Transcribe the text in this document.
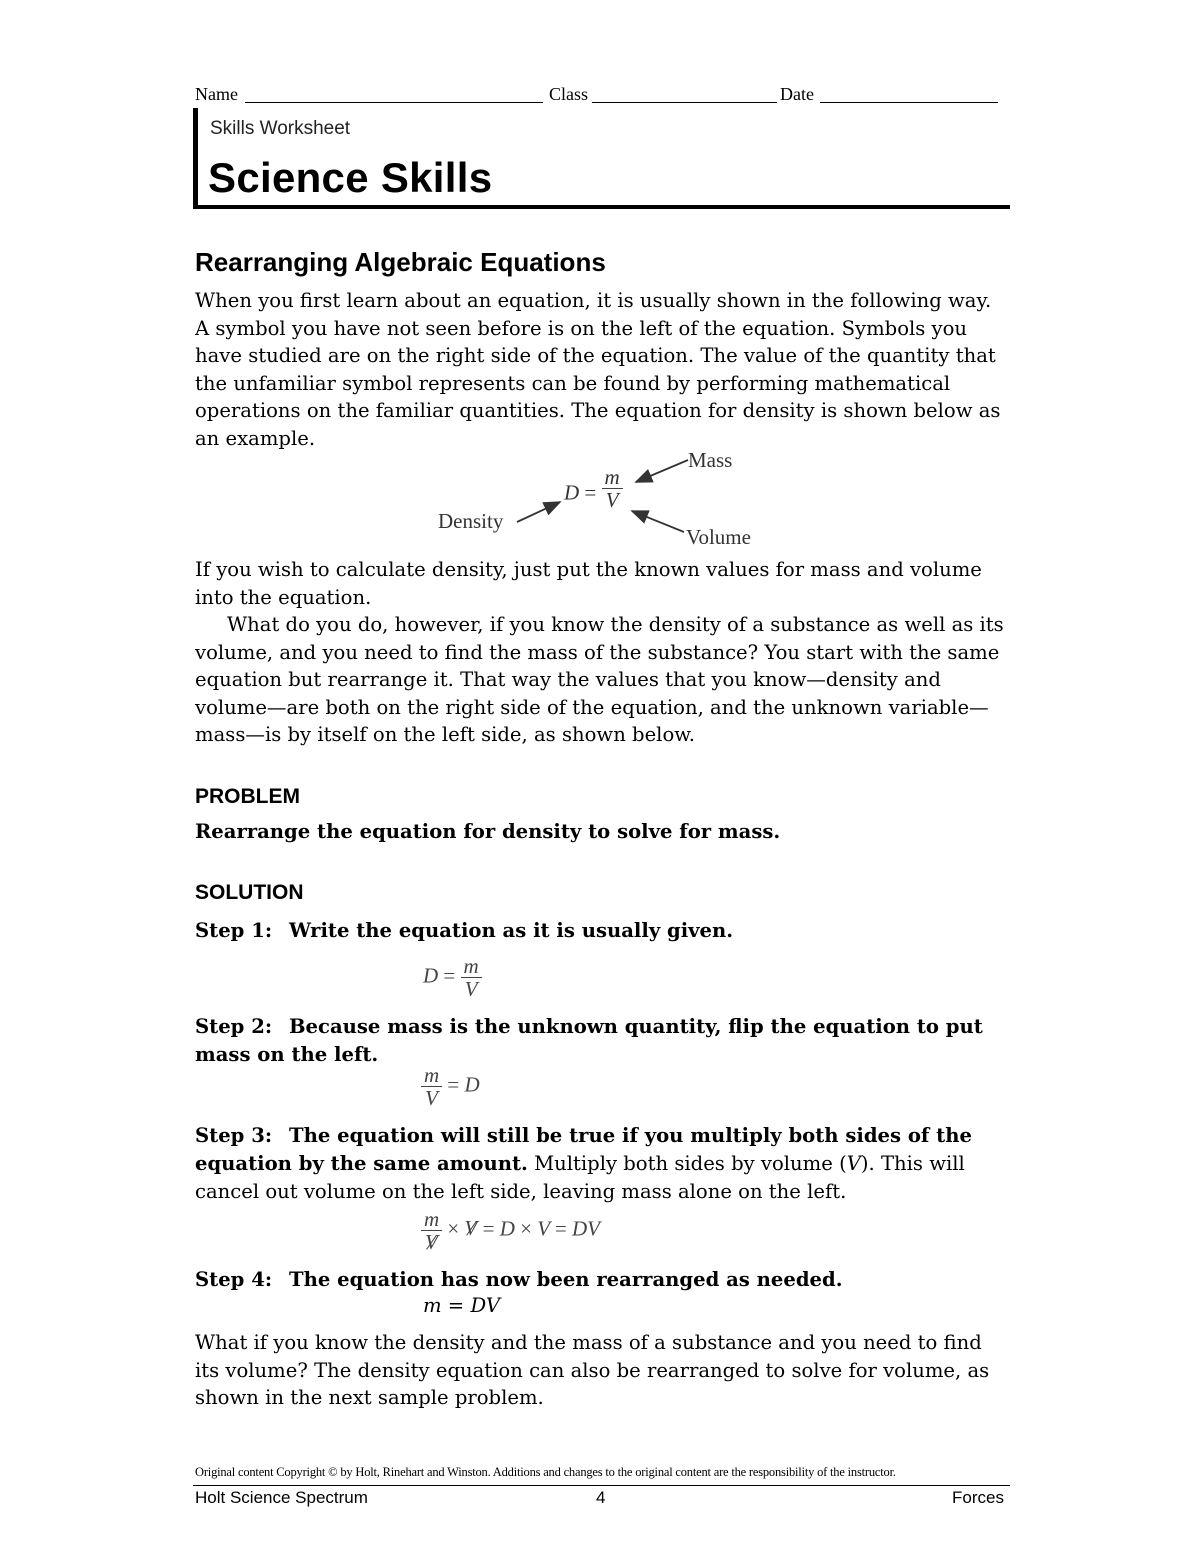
Name	Class	Date
Skills Worksheet
Science Skills
Rearranging Algebraic Equations

When you first learn about an equation, it is usually shown in the following way. A symbol you have not seen before is on the left of the equation. Symbols you have studied are on the right side of the equation. The value of the quantity that the unfamiliar symbol represents can be found by performing mathematical operations on the familiar quantities. The equation for density is shown below as an example.

Mass
Density
Volume
$D = \frac{m}{V}$

If you wish to calculate density, just put the known values for mass and volume into the equation.

What do you do, however, if you know the density of a substance as well as its volume, and you need to find the mass of the substance? You start with the same equation but rearrange it. That way the values that you know—density and volume—are both on the right side of the equation, and the unknown variable—mass—is by itself on the left side, as shown below.

PROBLEM
Rearrange the equation for density to solve for mass.
SOLUTION
Step 1: Write the equation as it is usually given.
$D = \frac{m}{V}$
Step 2: Because mass is the unknown quantity, flip the equation to put mass on the left.
$\frac{m}{V} = D$
Step 3: The equation will still be true if you multiply both sides of the equation by the same amount. Multiply both sides by volume (V). This will cancel out volume on the left side, leaving mass alone on the left.
$\frac{m}{V} \times V = D \times V$ = DV
Step 4: The equation has now been rearranged as needed.
m = DV

What if you know the density and the mass of a substance and you need to find its volume? The density equation can also be rearranged to solve for volume, as shown in the next sample problem.

Original content Copyright © by Holt, Rinehart and Winston. Additions and changes to the original content are the responsibility of the instructor.
Holt Science Spectrum	4	Forces
